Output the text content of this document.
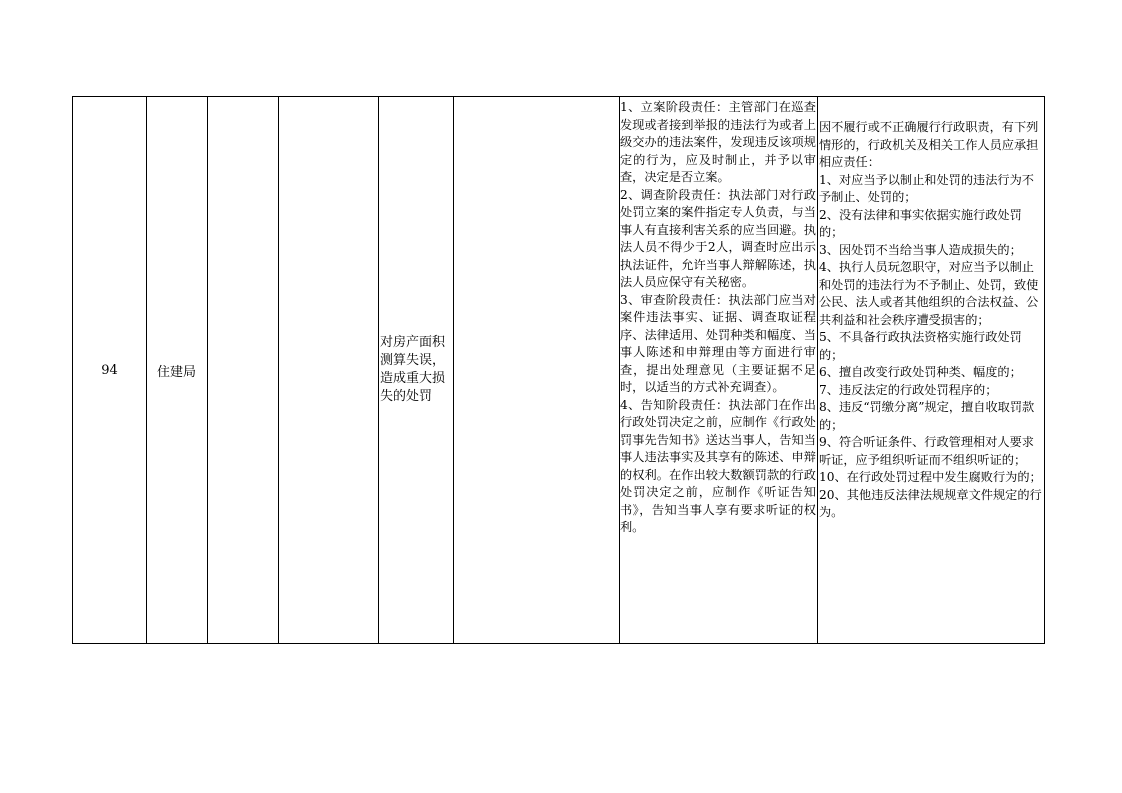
94	住建局
对房产面积测算失误，造成重大损失的处罚

1、立案阶段责任：主管部门在巡查发现或者接到举报的违法行为或者上级交办的违法案件，发现违反该项规定的行为，应及时制止，并予以审查，决定是否立案。

2、调查阶段责任：执法部门对行政处罚立案的案件指定专人负责，与当事人有直接利害关系的应当回避。执法人员不得少于2人，调查时应出示执法证件，允许当事人辩解陈述，执法人员应保守有关秘密。

3、审查阶段责任：执法部门应当对案件违法事实、证据、调查取证程序、法律适用、处罚种类和幅度、当事人陈述和申辩理由等方面进行审查，提出处理意见（主要证据不足时，以适当的方式补充调查）。

4、告知阶段责任：执法部门在作出行政处罚决定之前，应制作《行政处罚事先告知书》送达当事人，告知当事人违法事实及其享有的陈述、申辩的权利。在作出较大数额罚款的行政处罚决定之前，应制作《听证告知书》，告知当事人享有要求听证的权利。

因不履行或不正确履行行政职责，有下列情形的，行政机关及相关工作人员应承担相应责任：

1、对应当予以制止和处罚的违法行为不予制止、处罚的；

2、没有法律和事实依据实施行政处罚的；

3、因处罚不当给当事人造成损失的；

4、执行人员玩忽职守，对应当予以制止和处罚的违法行为不予制止、处罚，致使公民、法人或者其他组织的合法权益、公共利益和社会秩序遭受损害的；

5、不具备行政执法资格实施行政处罚的；

6、擅自改变行政处罚种类、幅度的；

7、违反法定的行政处罚程序的；

8、违反“罚缴分离”规定，擅自收取罚款的；

9、符合听证条件、行政管理相对人要求听证，应予组织听证而不组织听证的；

10、在行政处罚过程中发生腐败行为的；

20、其他违反法律法规规章文件规定的行为。
